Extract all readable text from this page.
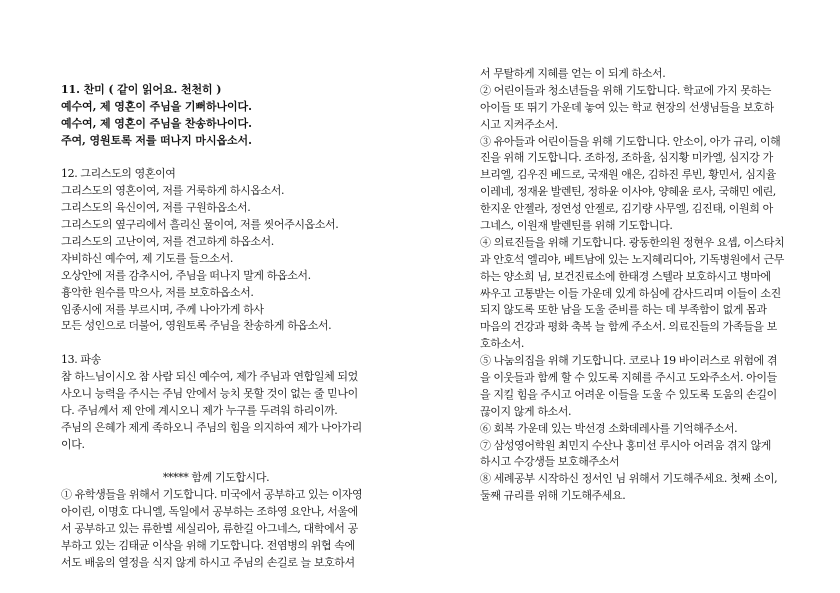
11. 찬미 ( 같이 읽어요. 천천히 )
예수여, 제 영혼이 주님을 기뻐하나이다.
예수여, 제 영혼이 주님을 찬송하나이다.
주여, 영원토록 저를 떠나지 마시옵소서.
12. 그리스도의 영혼이여
그리스도의 영혼이여, 저를 거룩하게 하시옵소서.
그리스도의 육신이여, 저를 구원하옵소서.
그리스도의 옆구리에서 흘리신 물이여, 저를 씻어주시옵소서.
그리스도의 고난이여, 저를 견고하게 하옵소서.
자비하신 예수여, 제 기도를 들으소서.
오상안에 저를 감추시어, 주님을 떠나지 말게 하옵소서.
흉악한 원수를 막으사, 저를 보호하옵소서.
임종시에 저를 부르시며, 주께 나아가게 하사
모든 성인으로 더불어, 영원토록 주님을 찬송하게 하옵소서.
13. 파송
참 하느님이시오 참 사람 되신 예수여, 제가 주님과 연합일체 되었
사오니 능력을 주시는 주님 안에서 능치 못할 것이 없는 줄 믿나이
다. 주님께서 제 안에 계시오니 제가 누구를 두려워 하리이까.
주님의 은혜가 제게 족하오니 주님의 힘을 의지하여 제가 나아가리
이다.
***** 함께 기도합시다.
① 유학생들을 위해서 기도합니다. 미국에서 공부하고 있는 이자영
아이린, 이명호 다니엘, 독일에서 공부하는 조하영 요안나, 서울에
서 공부하고 있는 류한별 세실리아, 류한길 아그네스, 대학에서 공
부하고 있는 김태균 이삭을 위해 기도합니다. 전염병의 위협 속에
서도 배움의 열정을 식지 않게 하시고 주님의 손길로 늘 보호하셔
서 무탈하게 지혜를 얻는 이 되게 하소서.
② 어린이들과 청소년들을 위해 기도합니다. 학교에 가지 못하는
아이들 또 뛰기 가운데 놓여 있는 학교 현장의 선생님들을 보호하
시고 지켜주소서.
③ 유아들과 어린이들을 위해 기도합니다. 안소이, 아가 규리, 이해
진을 위해 기도합니다. 조하정, 조하율, 심지황 미카엘, 심지강 가
브리엘, 김우진 베드로, 국재원 애은, 김하진 루빈, 황민서, 심지율
이레네, 정재윤 발렌틴, 정하윤 이사야, 양혜윤 로사, 국해민 에린,
한지운 안젤라, 정연성 안젤로, 김기량 사무엘, 김진태, 이원희 아
그네스, 이원재 발렌틴를 위해 기도합니다.
④ 의료진들을 위해 기도합니다. 광동한의원 정현우 요셉, 이스타치
과 안호석 엘리야, 베트남에 있는 노지혜리디아, 기독병원에서 근무
하는 양소희 님, 보건진료소에 한태경 스텔라 보호하시고 병마에
싸우고 고통받는 이들 가운데 있게 하심에 감사드리며 이들이 소진
되지 않도록 또한 남을 도울 준비를 하는 데 부족함이 없게 몸과
마음의 건강과 평화 축복 늘 함께 주소서. 의료진들의 가족들을 보
호하소서.
⑤ 나눔의집을 위해 기도합니다. 코로나 19 바이러스로 위험에 겪
을 이웃들과 함께 할 수 있도록 지혜를 주시고 도와주소서. 아이들
을 지킬 힘을 주시고 어려운 이들을 도울 수 있도록 도움의 손길이
끊이지 않게 하소서.
⑥ 회복 가운데 있는 박선경 소화데레사를 기억해주소서.
⑦ 삼성영어학원 최민지 수산나 홍미선 루시아 어려움 겪지 않게
하시고 수강생들 보호해주소서
⑧ 세례공부 시작하신 정서인 님 위해서 기도해주세요. 첫째 소이,
둘째 규리를 위해 기도해주세요.
